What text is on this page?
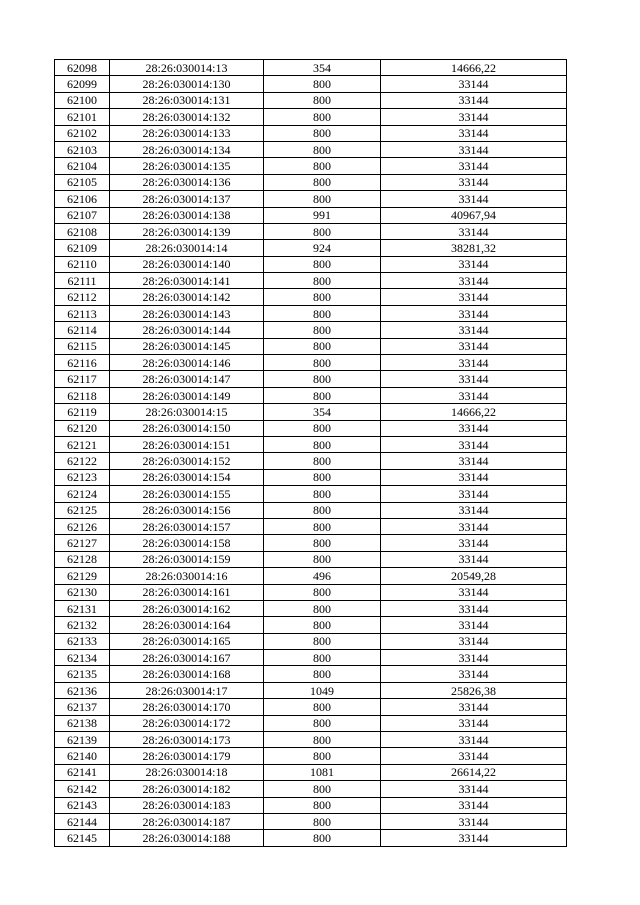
62098	28:26:030014:13	354	14666,22
62099	28:26:030014:130	800	33144
62100	28:26:030014:131	800	33144
62101	28:26:030014:132	800	33144
62102	28:26:030014:133	800	33144
62103	28:26:030014:134	800	33144
62104	28:26:030014:135	800	33144
62105	28:26:030014:136	800	33144
62106	28:26:030014:137	800	33144
62107	28:26:030014:138	991	40967,94
62108	28:26:030014:139	800	33144
62109	28:26:030014:14	924	38281,32
62110	28:26:030014:140	800	33144
62111	28:26:030014:141	800	33144
62112	28:26:030014:142	800	33144
62113	28:26:030014:143	800	33144
62114	28:26:030014:144	800	33144
62115	28:26:030014:145	800	33144
62116	28:26:030014:146	800	33144
62117	28:26:030014:147	800	33144
62118	28:26:030014:149	800	33144
62119	28:26:030014:15	354	14666,22
62120	28:26:030014:150	800	33144
62121	28:26:030014:151	800	33144
62122	28:26:030014:152	800	33144
62123	28:26:030014:154	800	33144
62124	28:26:030014:155	800	33144
62125	28:26:030014:156	800	33144
62126	28:26:030014:157	800	33144
62127	28:26:030014:158	800	33144
62128	28:26:030014:159	800	33144
62129	28:26:030014:16	496	20549,28
62130	28:26:030014:161	800	33144
62131	28:26:030014:162	800	33144
62132	28:26:030014:164	800	33144
62133	28:26:030014:165	800	33144
62134	28:26:030014:167	800	33144
62135	28:26:030014:168	800	33144
62136	28:26:030014:17	1049	25826,38
62137	28:26:030014:170	800	33144
62138	28:26:030014:172	800	33144
62139	28:26:030014:173	800	33144
62140	28:26:030014:179	800	33144
62141	28:26:030014:18	1081	26614,22
62142	28:26:030014:182	800	33144
62143	28:26:030014:183	800	33144
62144	28:26:030014:187	800	33144
62145	28:26:030014:188	800	33144
